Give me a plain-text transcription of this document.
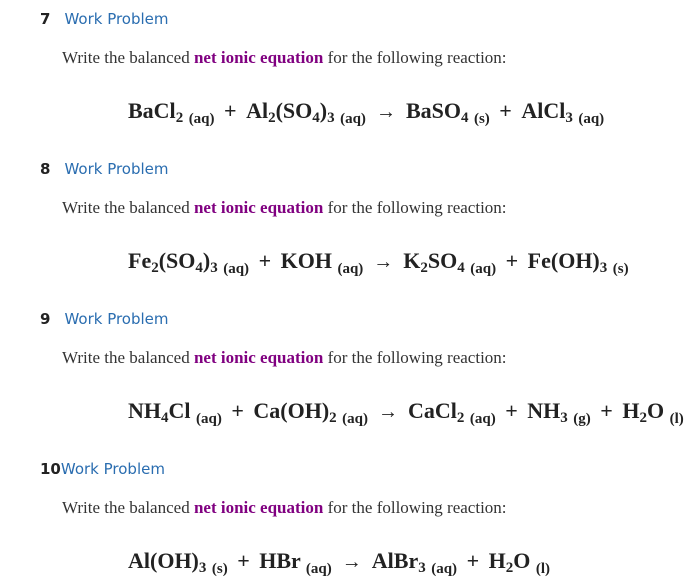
7 Work Problem
Write the balanced net ionic equation for the following reaction:
BaCl$_2$ $_{(aq)} + Al_2(SO_4)_3$ $_{(aq)}$ → BaSO$_4$ $_{(s)}$ + AlCl$_3$ $_{(aq)}$
8 Work Problem
Write the balanced net ionic equation for the following reaction:
$Fe_2(SO_4)_3$ $_{(aq)}$ + KOH $_{(aq)} \to K_2SO_4$ $_{(aq)} + Fe(OH)_3$ $_{(s)}$
9 Work Problem
Write the balanced net ionic equation for the following reaction:
$NH_4Cl$ $_{(aq)} + Ca(OH)_2$ $_{(aq)}$ → CaCl$_2$ $_{(aq)} + NH_3$ $_{(g)} + H_2O$ $_{(l)}$
10 Work Problem
Write the balanced net ionic equation for the following reaction:
$Al(OH)_3$ $_{(s)}$ + HBr $_{(aq)}$ → AlBr$_3$ $_{(aq)} + H_2O$ $_{(l)}$
